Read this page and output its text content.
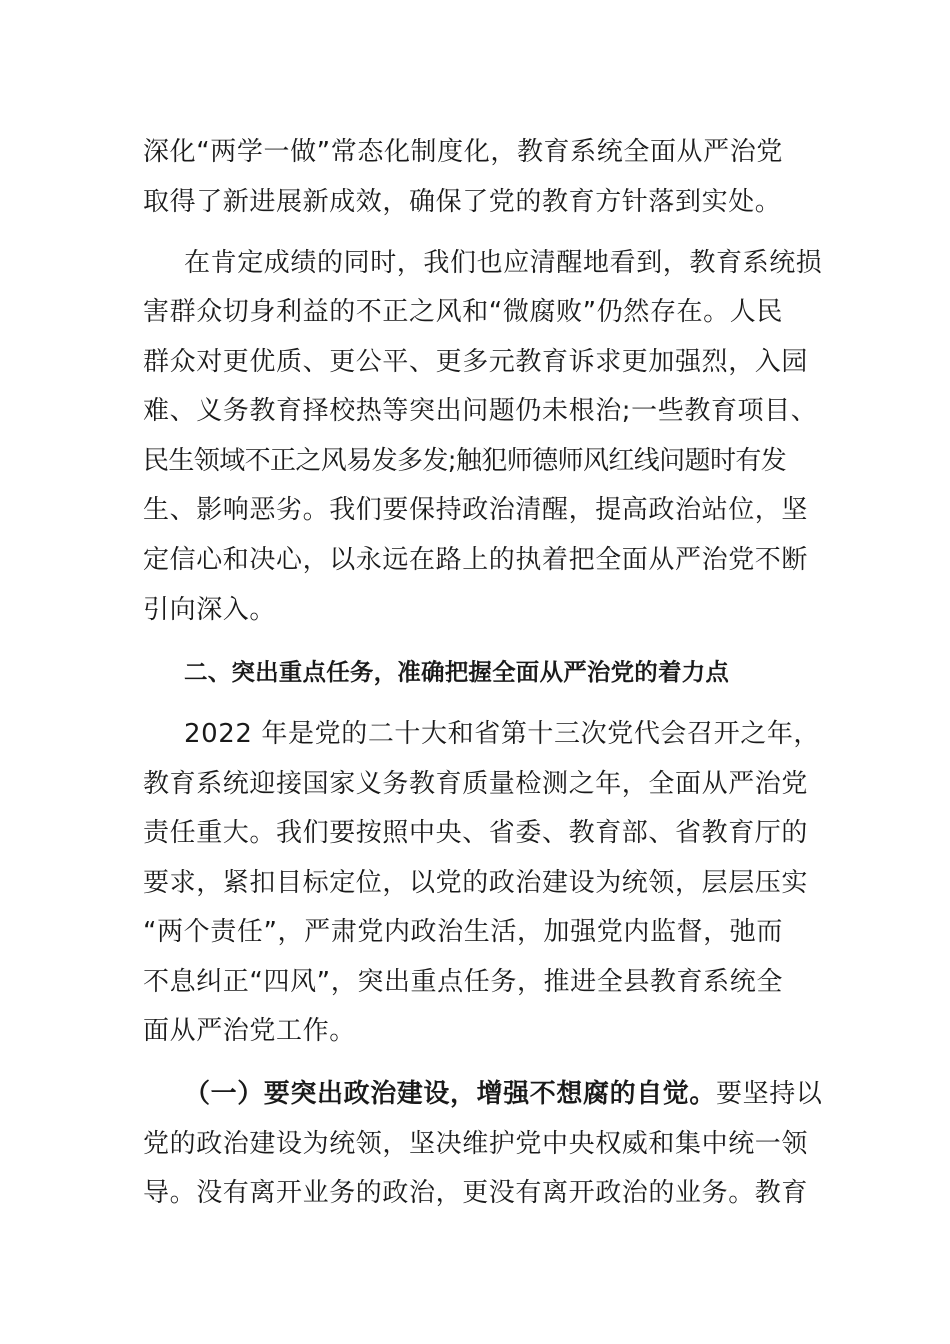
深化“两学一做”常态化制度化，教育系统全面从严治党
取得了新进展新成效，确保了党的教育方针落到实处。
在肯定成绩的同时，我们也应清醒地看到，教育系统损
害群众切身利益的不正之风和“微腐败”仍然存在。人民
群众对更优质、更公平、更多元教育诉求更加强烈，入园
难、义务教育择校热等突出问题仍未根治;一些教育项目、
民生领域不正之风易发多发;触犯师德师风红线问题时有发
生、影响恶劣。我们要保持政治清醒，提高政治站位，坚
定信心和决心，以永远在路上的执着把全面从严治党不断
引向深入。
二、突出重点任务，准确把握全面从严治党的着力点
2022 年是党的二十大和省第十三次党代会召开之年，
教育系统迎接国家义务教育质量检测之年，全面从严治党
责任重大。我们要按照中央、省委、教育部、省教育厅的
要求，紧扣目标定位，以党的政治建设为统领，层层压实
“两个责任”，严肃党内政治生活，加强党内监督，弛而
不息纠正“四风”，突出重点任务，推进全县教育系统全
面从严治党工作。
（一）要突出政治建设，增强不想腐的自觉。要坚持以
党的政治建设为统领，坚决维护党中央权威和集中统一领
导。没有离开业务的政治，更没有离开政治的业务。教育
